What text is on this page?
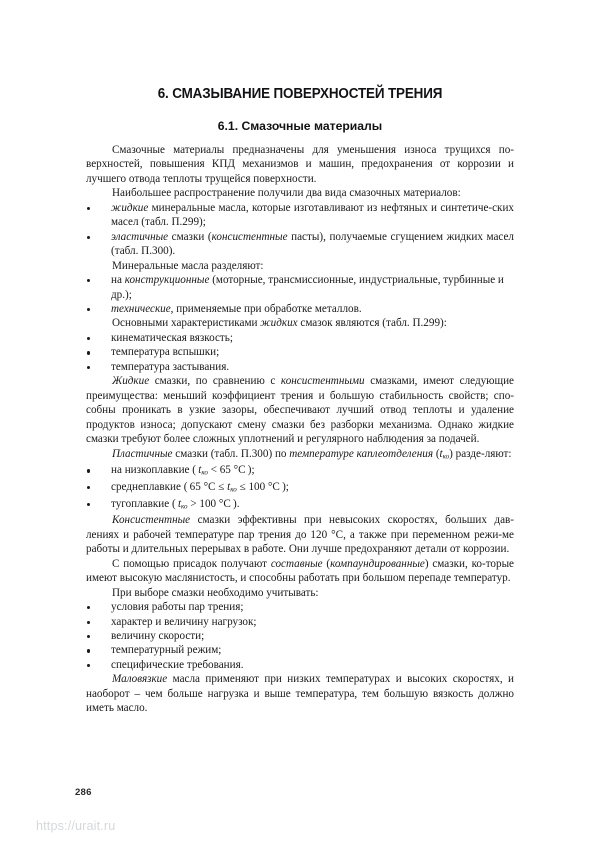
6. СМАЗЫВАНИЕ ПОВЕРХНОСТЕЙ ТРЕНИЯ
6.1. Смазочные материалы

Смазочные материалы предназначены для уменьшения износа трущихся по-верхностей, повышения КПД механизмов и машин, предохранения от коррозии и лучшего отвода теплоты трущейся поверхности.

Наибольшее распространение получили два вида смазочных материалов:

жидкие минеральные масла, которые изготавливают из нефтяных и синтетиче-ских масел (табл. П.299);
эластичные смазки (консистентные пасты), получаемые сгущением жидких масел (табл. П.300).

Минеральные масла разделяют:

на конструкционные (моторные, трансмиссионные, индустриальные, турбинные и др.);
технические, применяемые при обработке металлов.

Основными характеристиками жидких смазок являются (табл. П.299):

кинематическая вязкость;
температура вспышки;
температура застывания.

Жидкие смазки, по сравнению с консистентными смазками, имеют следующие преимущества: меньший коэффициент трения и большую стабильность свойств; спо-собны проникать в узкие зазоры, обеспечивают лучший отвод теплоты и удаление продуктов износа; допускают смену смазки без разборки механизма. Однако жидкие смазки требуют более сложных уплотнений и регулярного наблюдения за подачей.

Пластичные смазки (табл. П.300) по температуре каплеотделения $(t_{ко})$ разде-ляют:

на низкоплавкие ( $t_{ко} < 65$ °C );
среднеплавкие ( 65 $^\circ C \le t_{ко} \le 100$ °C );
тугоплавкие ( $t_{ко} > 100$ °C ).

Консистентные смазки эффективны при невысоких скоростях, больших дав-лениях и рабочей температуре пар трения до 120 °C, а также при переменном режи-ме работы и длительных перерывах в работе. Они лучше предохраняют детали от коррозии.

С помощью присадок получают составные (компаундированные) смазки, ко-торые имеют высокую маслянистость, и способны работать при большом перепаде температур.

При выборе смазки необходимо учитывать:

условия работы пар трения;
характер и величину нагрузок;
величину скорости;
температурный режим;
специфические требования.

Маловязкие масла применяют при низких температурах и высоких скоростях, и наоборот – чем больше нагрузка и выше температура, тем большую вязкость должно иметь масло.

286
https://urait.ru
